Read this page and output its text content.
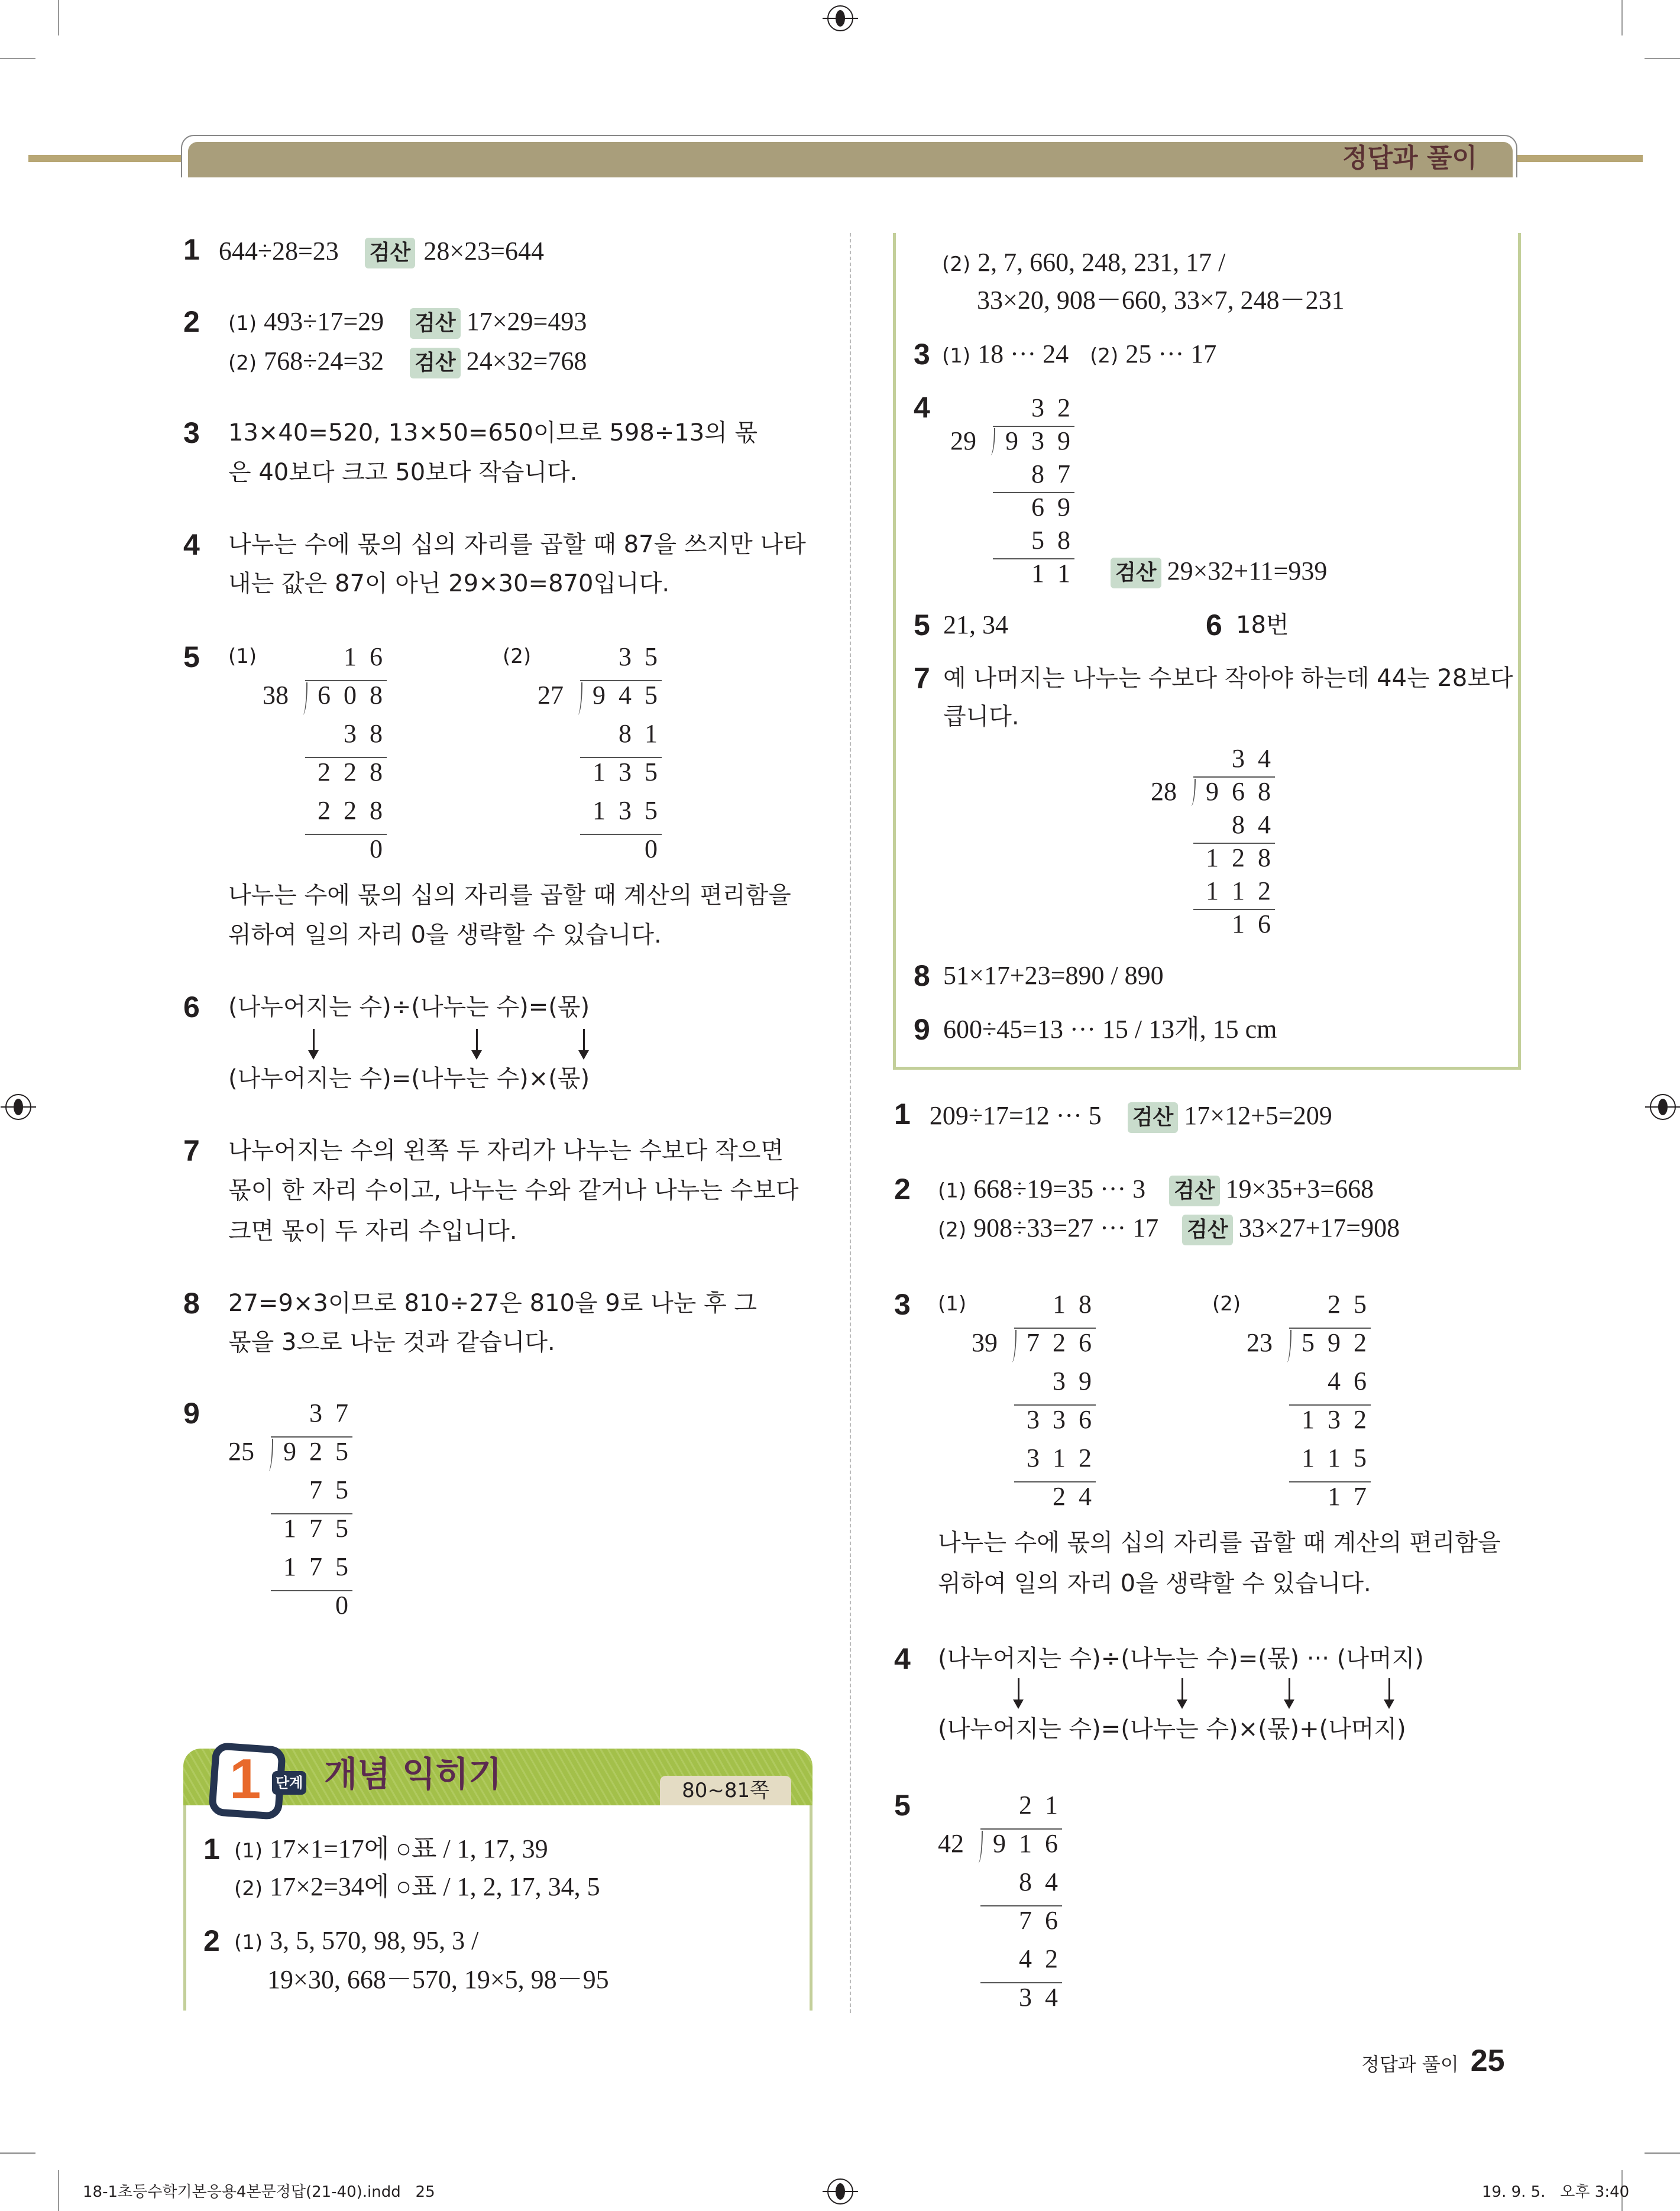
정답과 풀이
1 644÷28=23 검산 28×23=644
2 (1) 493÷17=29 검산 17×29=493
(2) 768÷24=32 검산 24×32=768
3 13×40=520, 13×50=650이므로 598÷13의 몫
은 40보다 크고 50보다 작습니다.
4 나누는 수에 몫의 십의 자리를 곱할 때 87을 쓰지만 나타
내는 값은 87이 아닌 29×30=870입니다.
5 (1)	(2)
1 6
38 6 0 8
3 8
2 2 8
2 2 8
0
3 5
27 9 4 5
8 1
1 3 5
1 3 5
0
나누는 수에 몫의 십의 자리를 곱할 때 계산의 편리함을
위하여 일의 자리 0을 생략할 수 있습니다.
6 (나누어지는 수)÷(나누는 수)=(몫)
(나누어지는 수)=(나누는 수)×(몫)
7 나누어지는 수의 왼쪽 두 자리가 나누는 수보다 작으면
몫이 한 자리 수이고, 나누는 수와 같거나 나누는 수보다
크면 몫이 두 자리 수입니다.
8 27=9×3이므로 810÷27은 810을 9로 나눈 후 그
몫을 3으로 나눈 것과 같습니다.
9	3 7
25 9 2 5
7 5
1 7 5
1 7 5
0
1 단계 개념 익히기	80~81쪽
1 (1) 17×1=17에 ○표 / 1, 17, 39
(2) 17×2=34에 ○표 / 1, 2, 17, 34, 5
2 (1) 3, 5, 570, 98, 95, 3 /
19×30, 668－570, 19×5, 98－95
(2) 2, 7, 660, 248, 231, 17 /
33×20, 908－660, 33×7, 248－231
3 (1) 18 ··· 24 (2) 25 ··· 17
4	3 2
29 9 3 9
8 7
6 9
5 8
1 1	검산 29×32+11=939
5 21, 34	6 18번
7 예 나머지는 나누는 수보다 작아야 하는데 44는 28보다
큽니다.
3 4
28 9 6 8
8 4
1 2 8
1 1 2
1 6
8 51×17+23=890 / 890
9 600÷45=13 ··· 15 / 13개, 15 cm
1 209÷17=12 ··· 5 검산 17×12+5=209
2 (1) 668÷19=35 ··· 3 검산 19×35+3=668
(2) 908÷33=27 ··· 17 검산 33×27+17=908
3 (1)	(2)
1 8
39 7 2 6
3 9
3 3 6
3 1 2
2 4
2 5
23 5 9 2
4 6
1 3 2
1 1 5
1 7
나누는 수에 몫의 십의 자리를 곱할 때 계산의 편리함을
위하여 일의 자리 0을 생략할 수 있습니다.
4 (나누어지는 수)÷(나누는 수)=(몫) ··· (나머지)
(나누어지는 수)=(나누는 수)×(몫)+(나머지)
5	2 1
42 9 1 6
8 4
7 6
4 2
3 4
정답과 풀이 25
18-1초등수학기본응용4본문정답(21-40).indd   25	19. 9. 5.   오후 3:40
